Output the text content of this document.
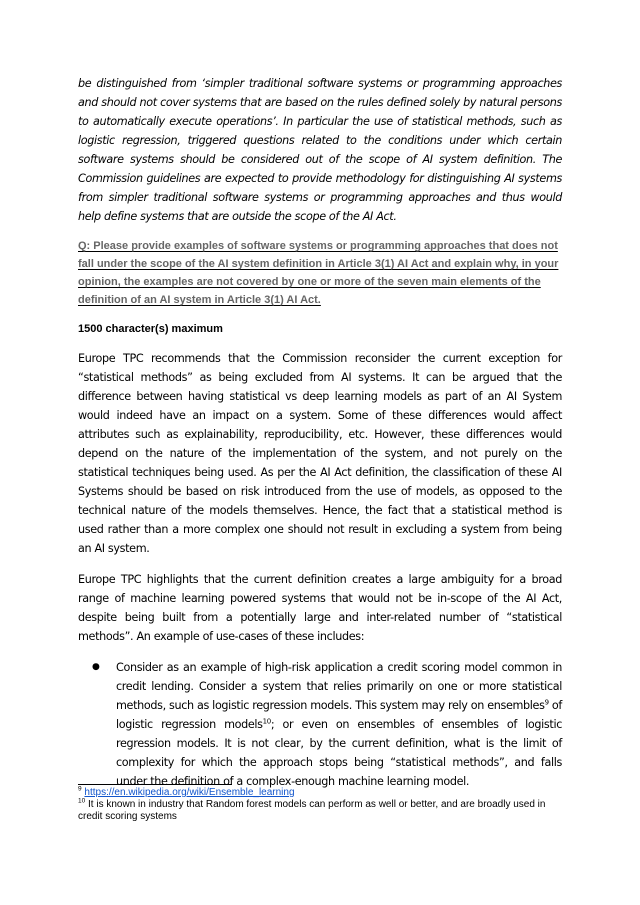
be distinguished from ‘simpler traditional software systems or programming approaches and should not cover systems that are based on the rules defined solely by natural persons to automatically execute operations’. In particular the use of statistical methods, such as logistic regression, triggered questions related to the conditions under which certain software systems should be considered out of the scope of AI system definition. The Commission guidelines are expected to provide methodology for distinguishing AI systems from simpler traditional software systems or programming approaches and thus would help define systems that are outside the scope of the AI Act.

Q: Please provide examples of software systems or programming approaches that does not fall under the scope of the AI system definition in Article 3(1) AI Act and explain why, in your opinion, the examples are not covered by one or more of the seven main elements of the definition of an AI system in Article 3(1) AI Act.

1500 character(s) maximum

Europe TPC recommends that the Commission reconsider the current exception for “statistical methods” as being excluded from AI systems. It can be argued that the difference between having statistical vs deep learning models as part of an AI System would indeed have an impact on a system. Some of these differences would affect attributes such as explainability, reproducibility, etc. However, these differences would depend on the nature of the implementation of the system, and not purely on the statistical techniques being used. As per the AI Act definition, the classification of these AI Systems should be based on risk introduced from the use of models, as opposed to the technical nature of the models themselves. Hence, the fact that a statistical method is used rather than a more complex one should not result in excluding a system from being an AI system.

Europe TPC highlights that the current definition creates a large ambiguity for a broad range of machine learning powered systems that would not be in-scope of the AI Act, despite being built from a potentially large and inter-related number of “statistical methods”. An example of use-cases of these includes:

● Consider as an example of high-risk application a credit scoring model common in credit lending. Consider a system that relies primarily on one or more statistical methods, such as logistic regression models. This system may rely on ensembles$^9$ of logistic regression models$^{10}$; or even on ensembles of ensembles of logistic regression models. It is not clear, by the current definition, what is the limit of complexity for which the approach stops being “statistical methods”, and falls under the definition of a complex-enough machine learning model.
$^9$ https://en.wikipedia.org/wiki/Ensemble_learning
$^{10}$ It is known in industry that Random forest models can perform as well or better, and are broadly used in credit scoring systems
